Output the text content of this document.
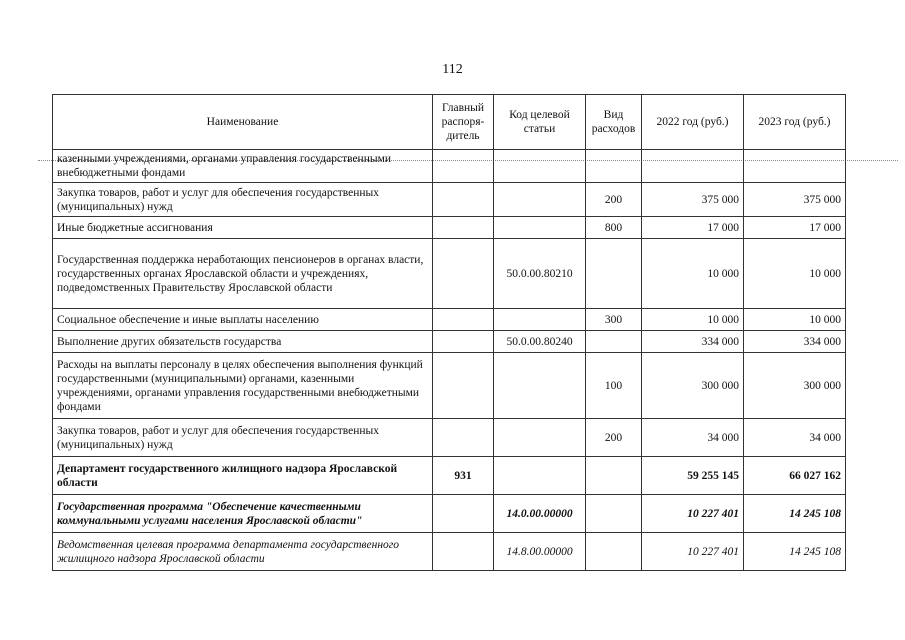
112
Наименование	Главный распоря-дитель	Код целевой статьи	Вид расходов	2022 год (руб.)	2023 год (руб.)
казенными учреждениями, органами управления государственными внебюджетными фондами					
Закупка товаров, работ и услуг для обеспечения государственных (муниципальных) нужд			200	375 000	375 000
Иные бюджетные ассигнования			800	17 000	17 000
Государственная поддержка неработающих пенсионеров в органах власти, государственных органах Ярославской области и учреждениях, подведомственных Правительству Ярославской области		50.0.00.80210		10 000	10 000
Социальное обеспечение и иные выплаты населению			300	10 000	10 000
Выполнение других обязательств государства		50.0.00.80240		334 000	334 000
Расходы на выплаты персоналу в целях обеспечения выполнения функций государственными (муниципальными) органами, казенными учреждениями, органами управления государственными внебюджетными фондами			100	300 000	300 000
Закупка товаров, работ и услуг для обеспечения государственных (муниципальных) нужд			200	34 000	34 000
Департамент государственного жилищного надзора Ярославской области	931			59 255 145	66 027 162
Государственная программа "Обеспечение качественными коммунальными услугами населения Ярославской области"		14.0.00.00000		10 227 401	14 245 108
Ведомственная целевая программа департамента государственного жилищного надзора Ярославской области		14.8.00.00000		10 227 401	14 245 108
